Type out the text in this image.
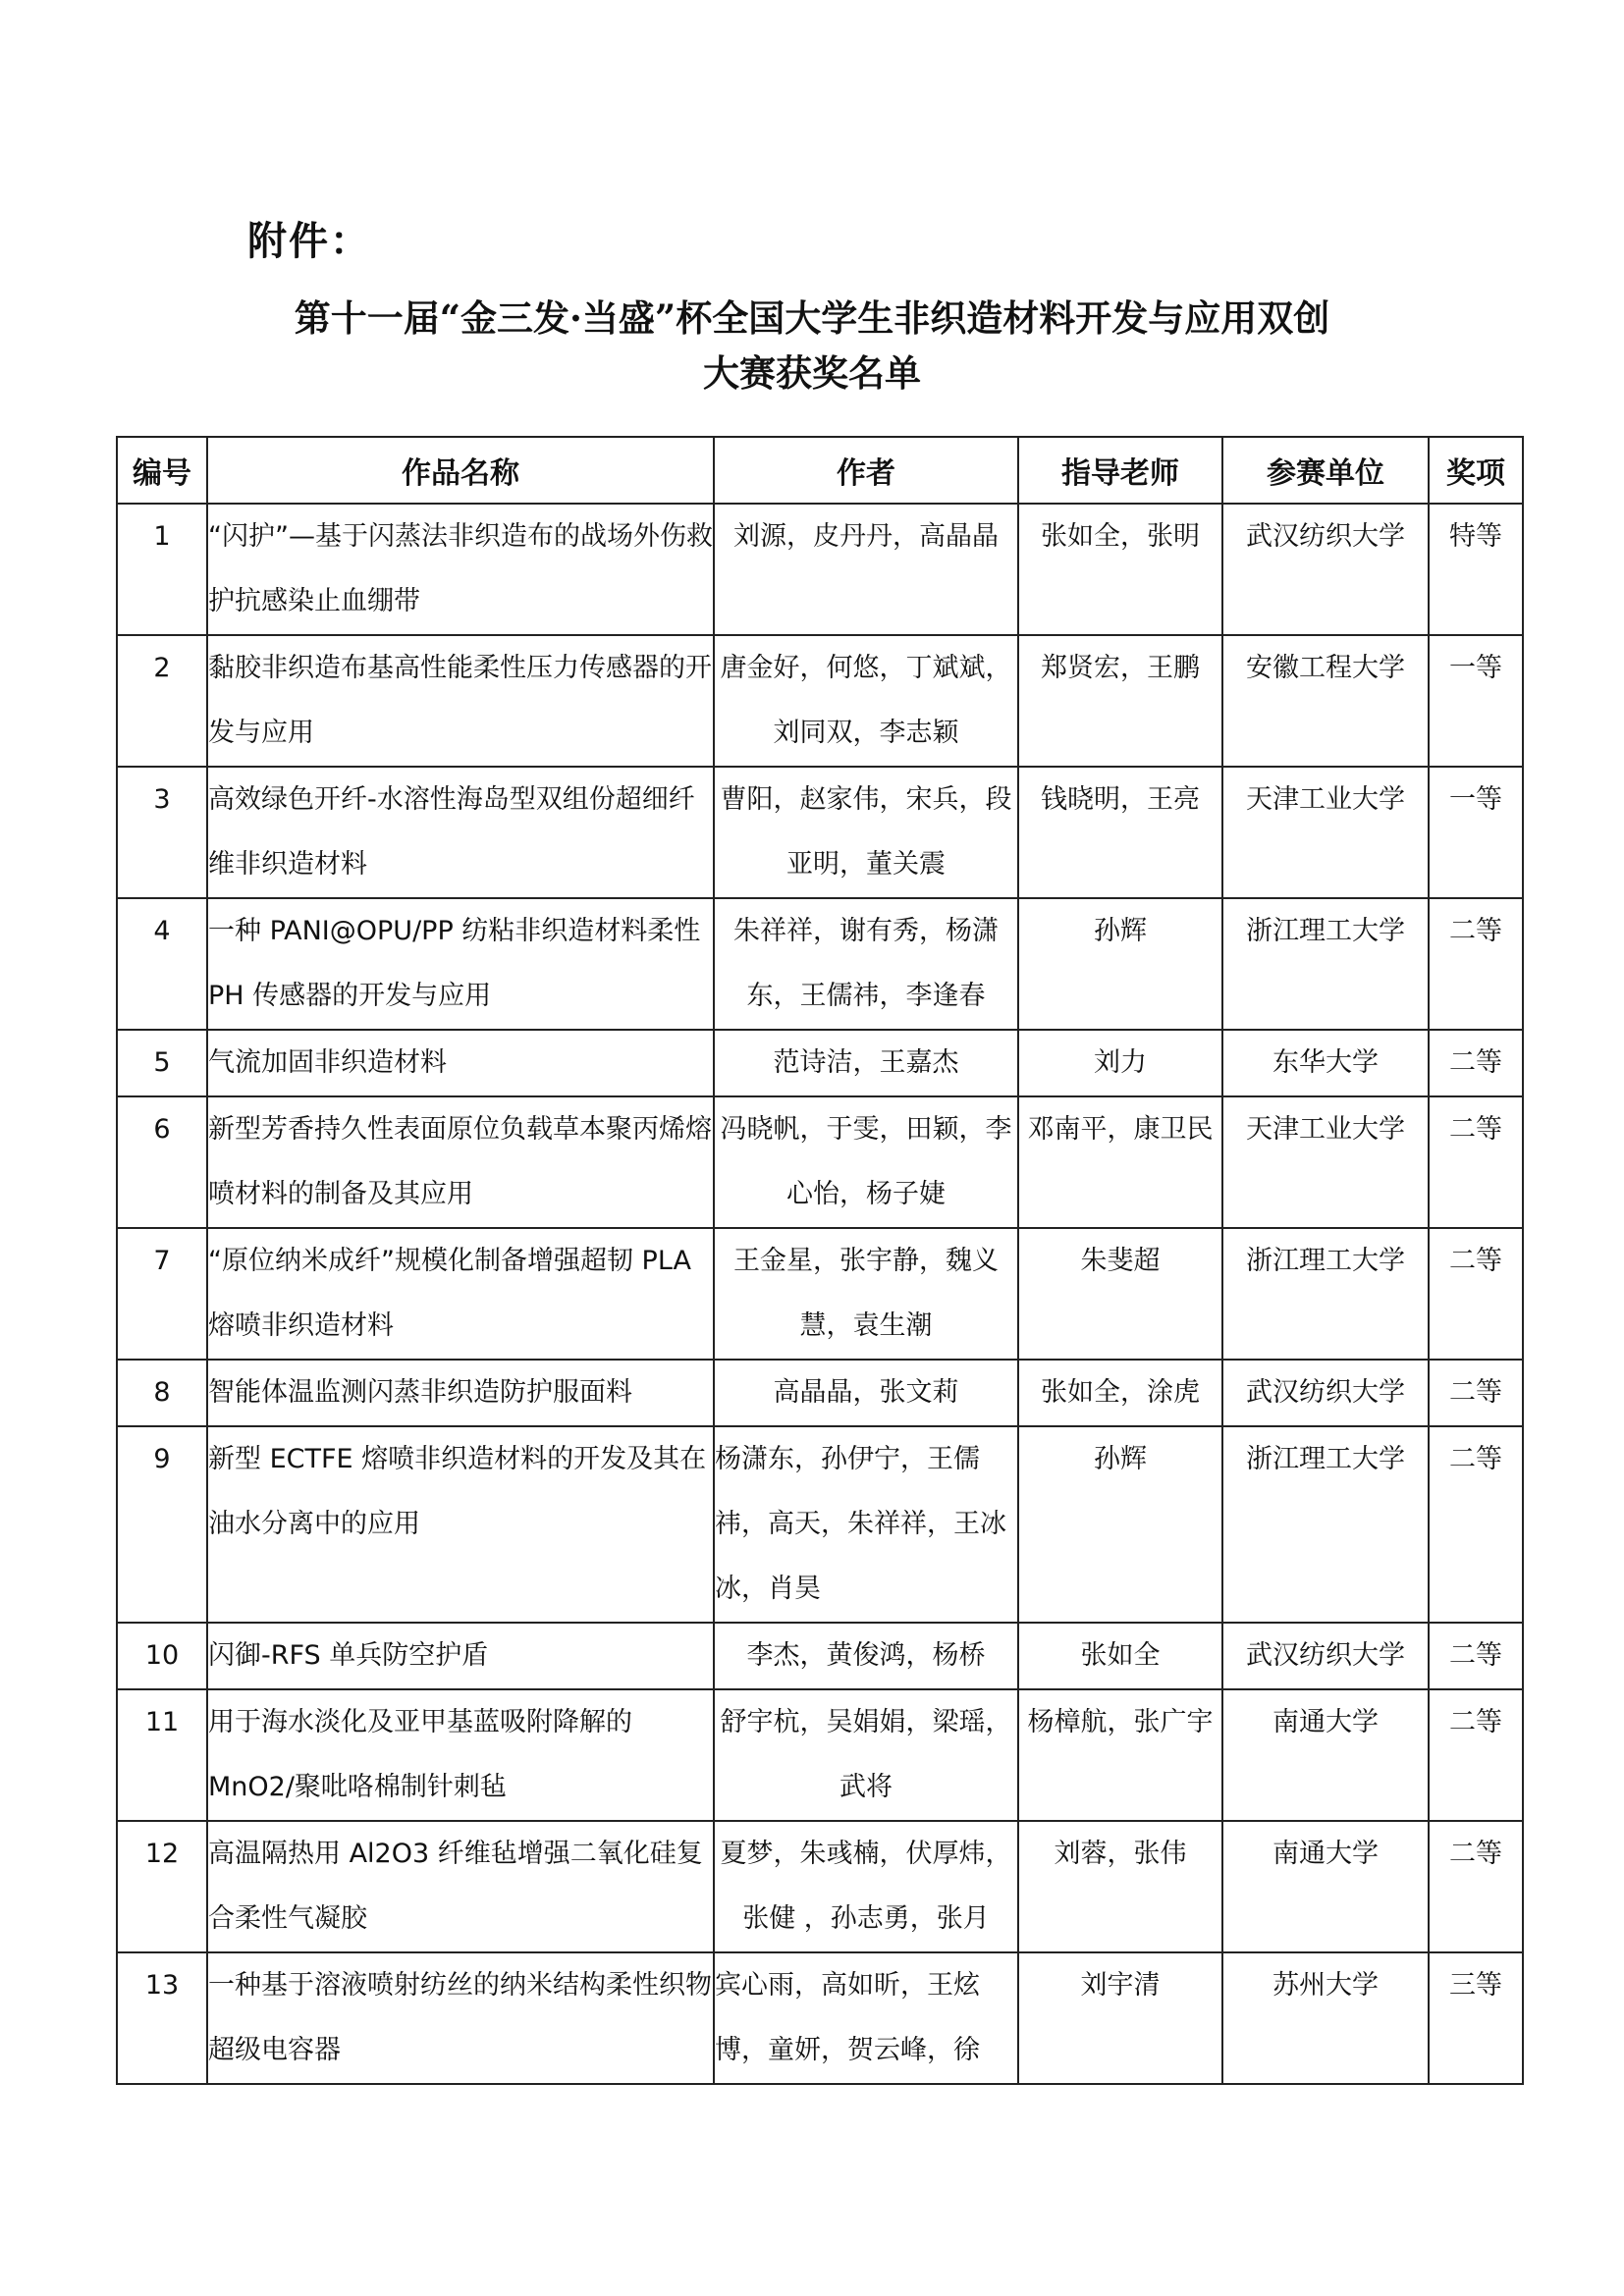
附件：
第十一届“金三发·当盛”杯全国大学生非织造材料开发与应用双创
大赛获奖名单
编号	作品名称	作者	指导老师	参赛单位	奖项
1	“闪护”—基于闪蒸法非织造布的战场外伤救护抗感染止血绷带	刘源，皮丹丹，高晶晶	张如全，张明	武汉纺织大学	特等
2	黏胶非织造布基高性能柔性压力传感器的开发与应用	唐金好，何悠，丁斌斌，刘同双，李志颖	郑贤宏，王鹏	安徽工程大学	一等
3	高效绿色开纤-水溶性海岛型双组份超细纤维非织造材料	曹阳，赵家伟，宋兵，段亚明，董关震	钱晓明，王亮	天津工业大学	一等
4	一种 PANI@OPU/PP 纺粘非织造材料柔性 PH 传感器的开发与应用	朱祥祥，谢有秀，杨潇东，王儒祎，李逢春	孙辉	浙江理工大学	二等
5	气流加固非织造材料	范诗洁，王嘉杰	刘力	东华大学	二等
6	新型芳香持久性表面原位负载草本聚丙烯熔喷材料的制备及其应用	冯晓帆，于雯，田颖，李心怡，杨子婕	邓南平，康卫民	天津工业大学	二等
7	“原位纳米成纤”规模化制备增强超韧 PLA 熔喷非织造材料	王金星，张宇静，魏义慧，袁生潮	朱斐超	浙江理工大学	二等
8	智能体温监测闪蒸非织造防护服面料	高晶晶，张文莉	张如全，涂虎	武汉纺织大学	二等
9	新型 ECTFE 熔喷非织造材料的开发及其在油水分离中的应用	杨潇东，孙伊宁，王儒祎，高天，朱祥祥，王冰冰，肖昊	孙辉	浙江理工大学	二等
10	闪御-RFS 单兵防空护盾	李杰，黄俊鸿，杨桥	张如全	武汉纺织大学	二等
11	用于海水淡化及亚甲基蓝吸附降解的 MnO2/聚吡咯棉制针刺毡	舒宇杭，吴娟娟，梁瑶，武将	杨樟航，张广宇	南通大学	二等
12	高温隔热用 Al2O3 纤维毡增强二氧化硅复合柔性气凝胶	夏梦，朱彧楠，伏厚炜，张健 ，孙志勇，张月	刘蓉，张伟	南通大学	二等
13	一种基于溶液喷射纺丝的纳米结构柔性织物超级电容器	宾心雨，高如昕，王炫博，童妍，贺云峰，徐	刘宇清	苏州大学	三等
